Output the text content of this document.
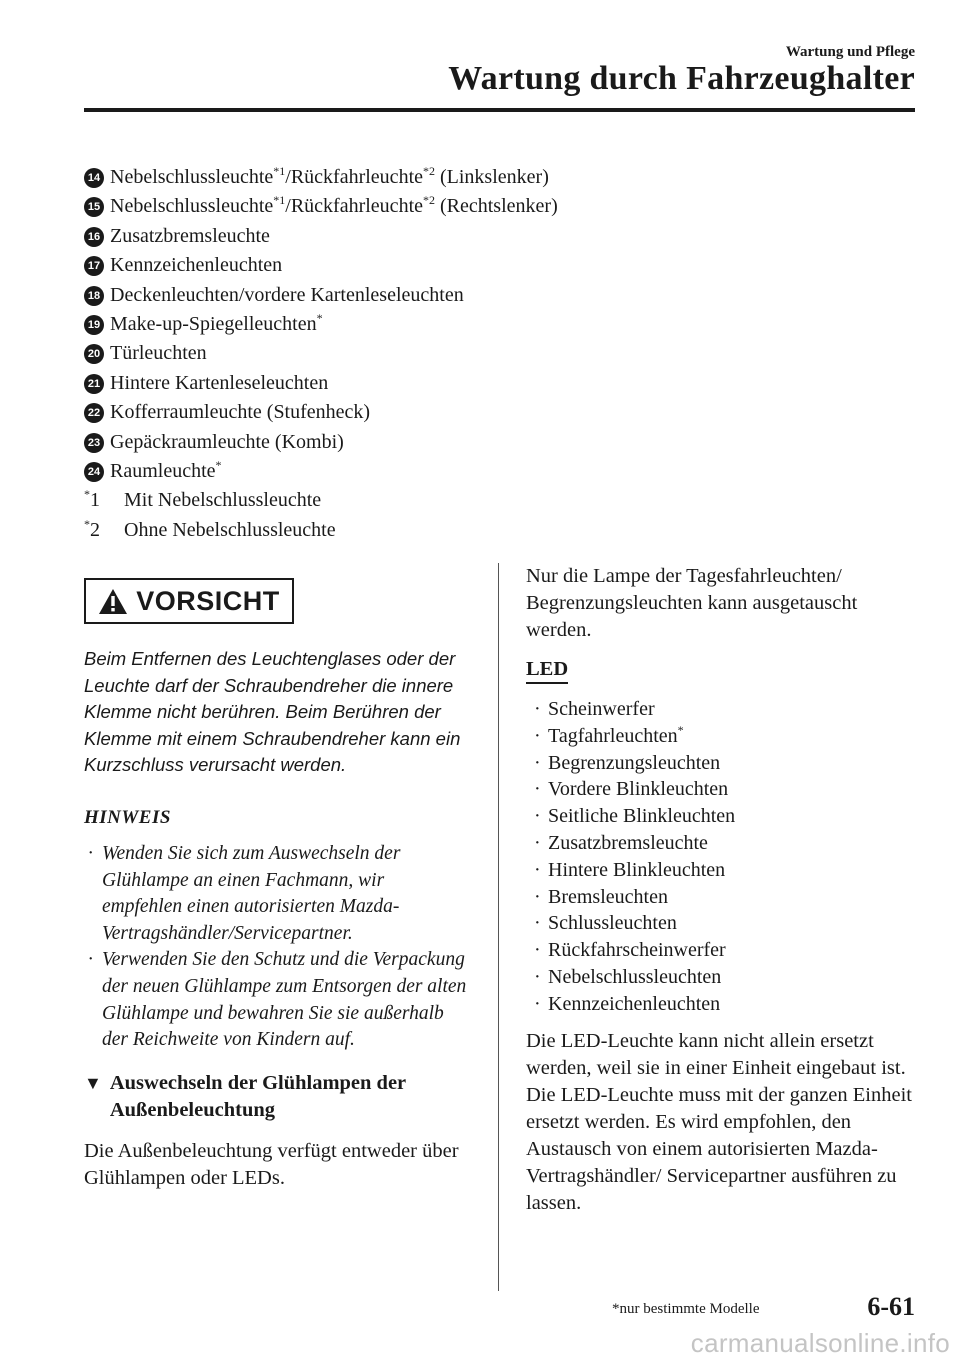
Wartung und Pflege
Wartung durch Fahrzeughalter
14 Nebelschlussleuchte$^{*1}$/Rückfahrleuchte$^{*2}$ (Linkslenker)
15 Nebelschlussleuchte$^{*1}$/Rückfahrleuchte$^{*2}$ (Rechtslenker)
16 Zusatzbremsleuchte
17 Kennzeichenleuchten
18 Deckenleuchten/vordere Kartenleseleuchten
19 Make-up-Spiegelleuchten*
20 Türleuchten
21 Hintere Kartenleseleuchten
22 Kofferraumleuchte (Stufenheck)
23 Gepäckraumleuchte (Kombi)
24 Raumleuchte*
*1 Mit Nebelschlussleuchte
*2 Ohne Nebelschlussleuchte
VORSICHT
Beim Entfernen des Leuchtenglases oder der Leuchte darf der Schraubendreher die innere Klemme nicht berühren. Beim Berühren der Klemme mit einem Schraubendreher kann ein Kurzschluss verursacht werden.
HINWEIS
· Wenden Sie sich zum Auswechseln der Glühlampe an einen Fachmann, wir empfehlen einen autorisierten Mazda-Vertragshändler/Servicepartner.
· Verwenden Sie den Schutz und die Verpackung der neuen Glühlampe zum Entsorgen der alten Glühlampe und bewahren Sie sie außerhalb der Reichweite von Kindern auf.
▼ Auswechseln der Glühlampen der Außenbeleuchtung
Die Außenbeleuchtung verfügt entweder über Glühlampen oder LEDs.
Nur die Lampe der Tagesfahrleuchten/ Begrenzungsleuchten kann ausgetauscht werden.
LED
· Scheinwerfer
· Tagfahrleuchten*
· Begrenzungsleuchten
· Vordere Blinkleuchten
· Seitliche Blinkleuchten
· Zusatzbremsleuchte
· Hintere Blinkleuchten
· Bremsleuchten
· Schlussleuchten
· Rückfahrscheinwerfer
· Nebelschlussleuchten
· Kennzeichenleuchten
Die LED-Leuchte kann nicht allein ersetzt werden, weil sie in einer Einheit eingebaut ist. Die LED-Leuchte muss mit der ganzen Einheit ersetzt werden. Es wird empfohlen, den Austausch von einem autorisierten Mazda-Vertragshändler/ Servicepartner ausführen zu lassen.
*nur bestimmte Modelle	6-61
carmanualsonline.info
